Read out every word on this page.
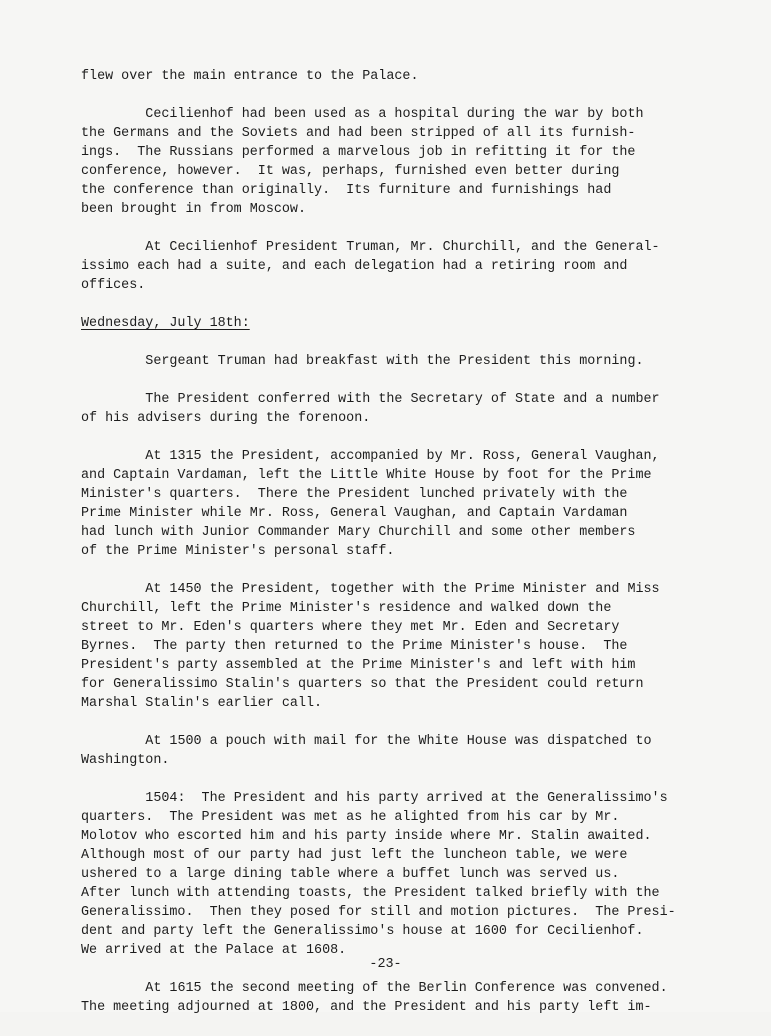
flew over the main entrance to the Palace.

Cecilienhof had been used as a hospital during the war by both
the Germans and the Soviets and had been stripped of all its furnish-
ings.  The Russians performed a marvelous job in refitting it for the
conference, however.  It was, perhaps, furnished even better during
the conference than originally.  Its furniture and furnishings had
been brought in from Moscow.

At Cecilienhof President Truman, Mr. Churchill, and the General-
issimo each had a suite, and each delegation had a retiring room and
offices.

Wednesday, July 18th:

Sergeant Truman had breakfast with the President this morning.

The President conferred with the Secretary of State and a number
of his advisers during the forenoon.

At 1315 the President, accompanied by Mr. Ross, General Vaughan,
and Captain Vardaman, left the Little White House by foot for the Prime
Minister's quarters.  There the President lunched privately with the
Prime Minister while Mr. Ross, General Vaughan, and Captain Vardaman
had lunch with Junior Commander Mary Churchill and some other members
of the Prime Minister's personal staff.

At 1450 the President, together with the Prime Minister and Miss
Churchill, left the Prime Minister's residence and walked down the
street to Mr. Eden's quarters where they met Mr. Eden and Secretary
Byrnes.  The party then returned to the Prime Minister's house.  The
President's party assembled at the Prime Minister's and left with him
for Generalissimo Stalin's quarters so that the President could return
Marshal Stalin's earlier call.

At 1500 a pouch with mail for the White House was dispatched to
Washington.

1504:  The President and his party arrived at the Generalissimo's
quarters.  The President was met as he alighted from his car by Mr.
Molotov who escorted him and his party inside where Mr. Stalin awaited.
Although most of our party had just left the luncheon table, we were
ushered to a large dining table where a buffet lunch was served us.
After lunch with attending toasts, the President talked briefly with the
Generalissimo.  Then they posed for still and motion pictures.  The Presi-
dent and party left the Generalissimo's house at 1600 for Cecilienhof.
We arrived at the Palace at 1608.

At 1615 the second meeting of the Berlin Conference was convened.
The meeting adjourned at 1800, and the President and his party left im-

-23-
